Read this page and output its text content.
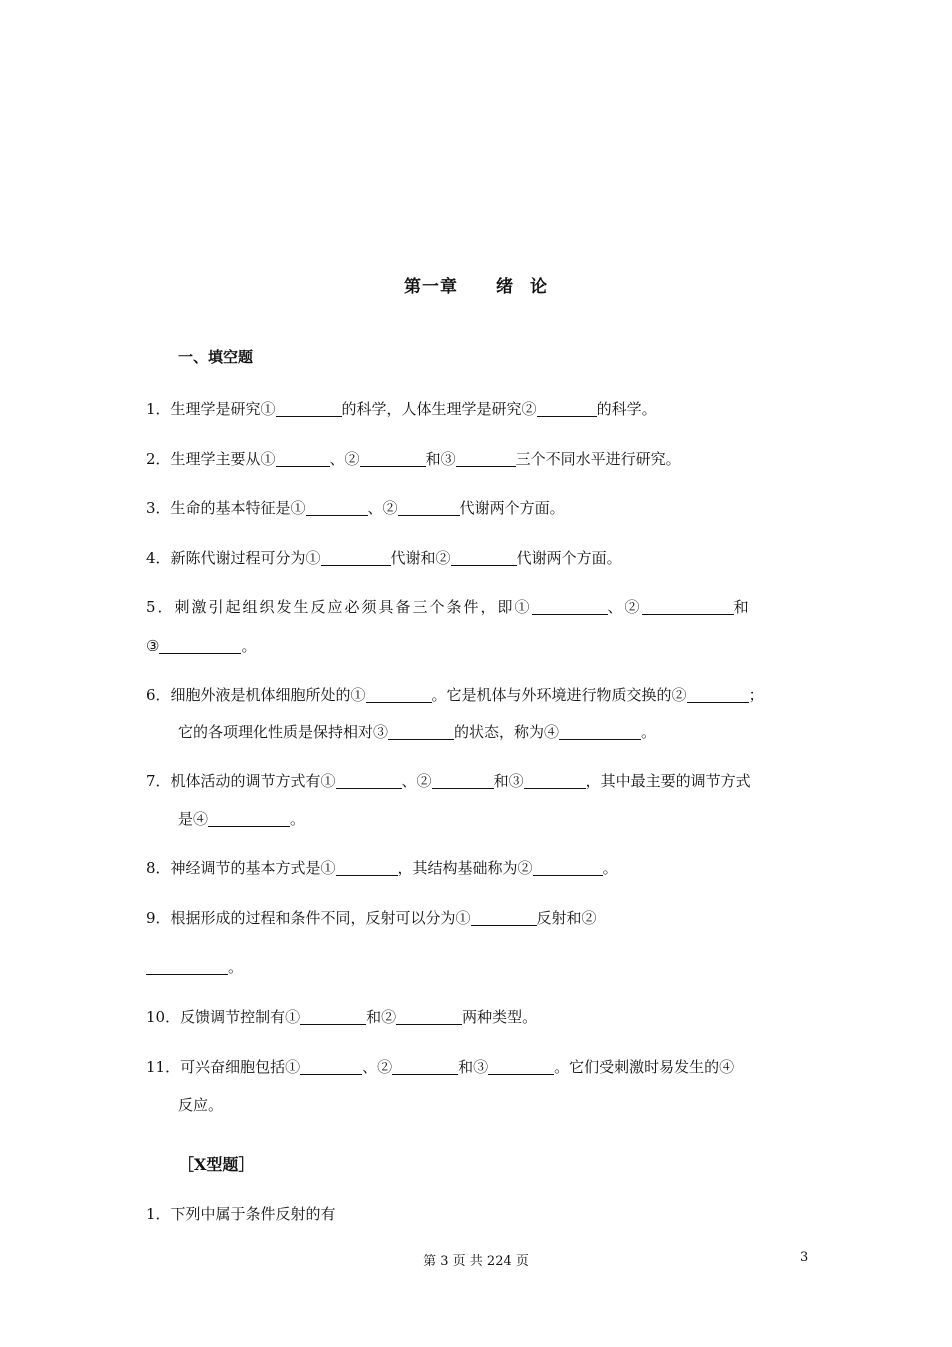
第一章 绪 论
一、填空题
1．生理学是研究①	的科学，人体生理学是研究②	的科学。
2．生理学主要从①	、②	和③	三个不同水平进行研究。
3．生命的基本特征是①	、②	代谢两个方面。
4．新陈代谢过程可分为①	代谢和②	代谢两个方面。
5．刺激引起组织发生反应必须具备三个条件，即①	、②	和
③	。
6．细胞外液是机体细胞所处的①	。它是机体与外环境进行物质交换的②	；
它的各项理化性质是保持相对③	的状态，称为④	。
7．机体活动的调节方式有①	、②	和③	，其中最主要的调节方式
是④	。
8．神经调节的基本方式是①	，其结构基础称为②	。
9．根据形成的过程和条件不同，反射可以分为①	反射和②
。
10．反馈调节控制有①	和②	两种类型。
11．可兴奋细胞包括①	、②	和③	。它们受刺激时易发生的④
反应。
［X型题］
1．下列中属于条件反射的有
第 3 页 共 224 页	3
